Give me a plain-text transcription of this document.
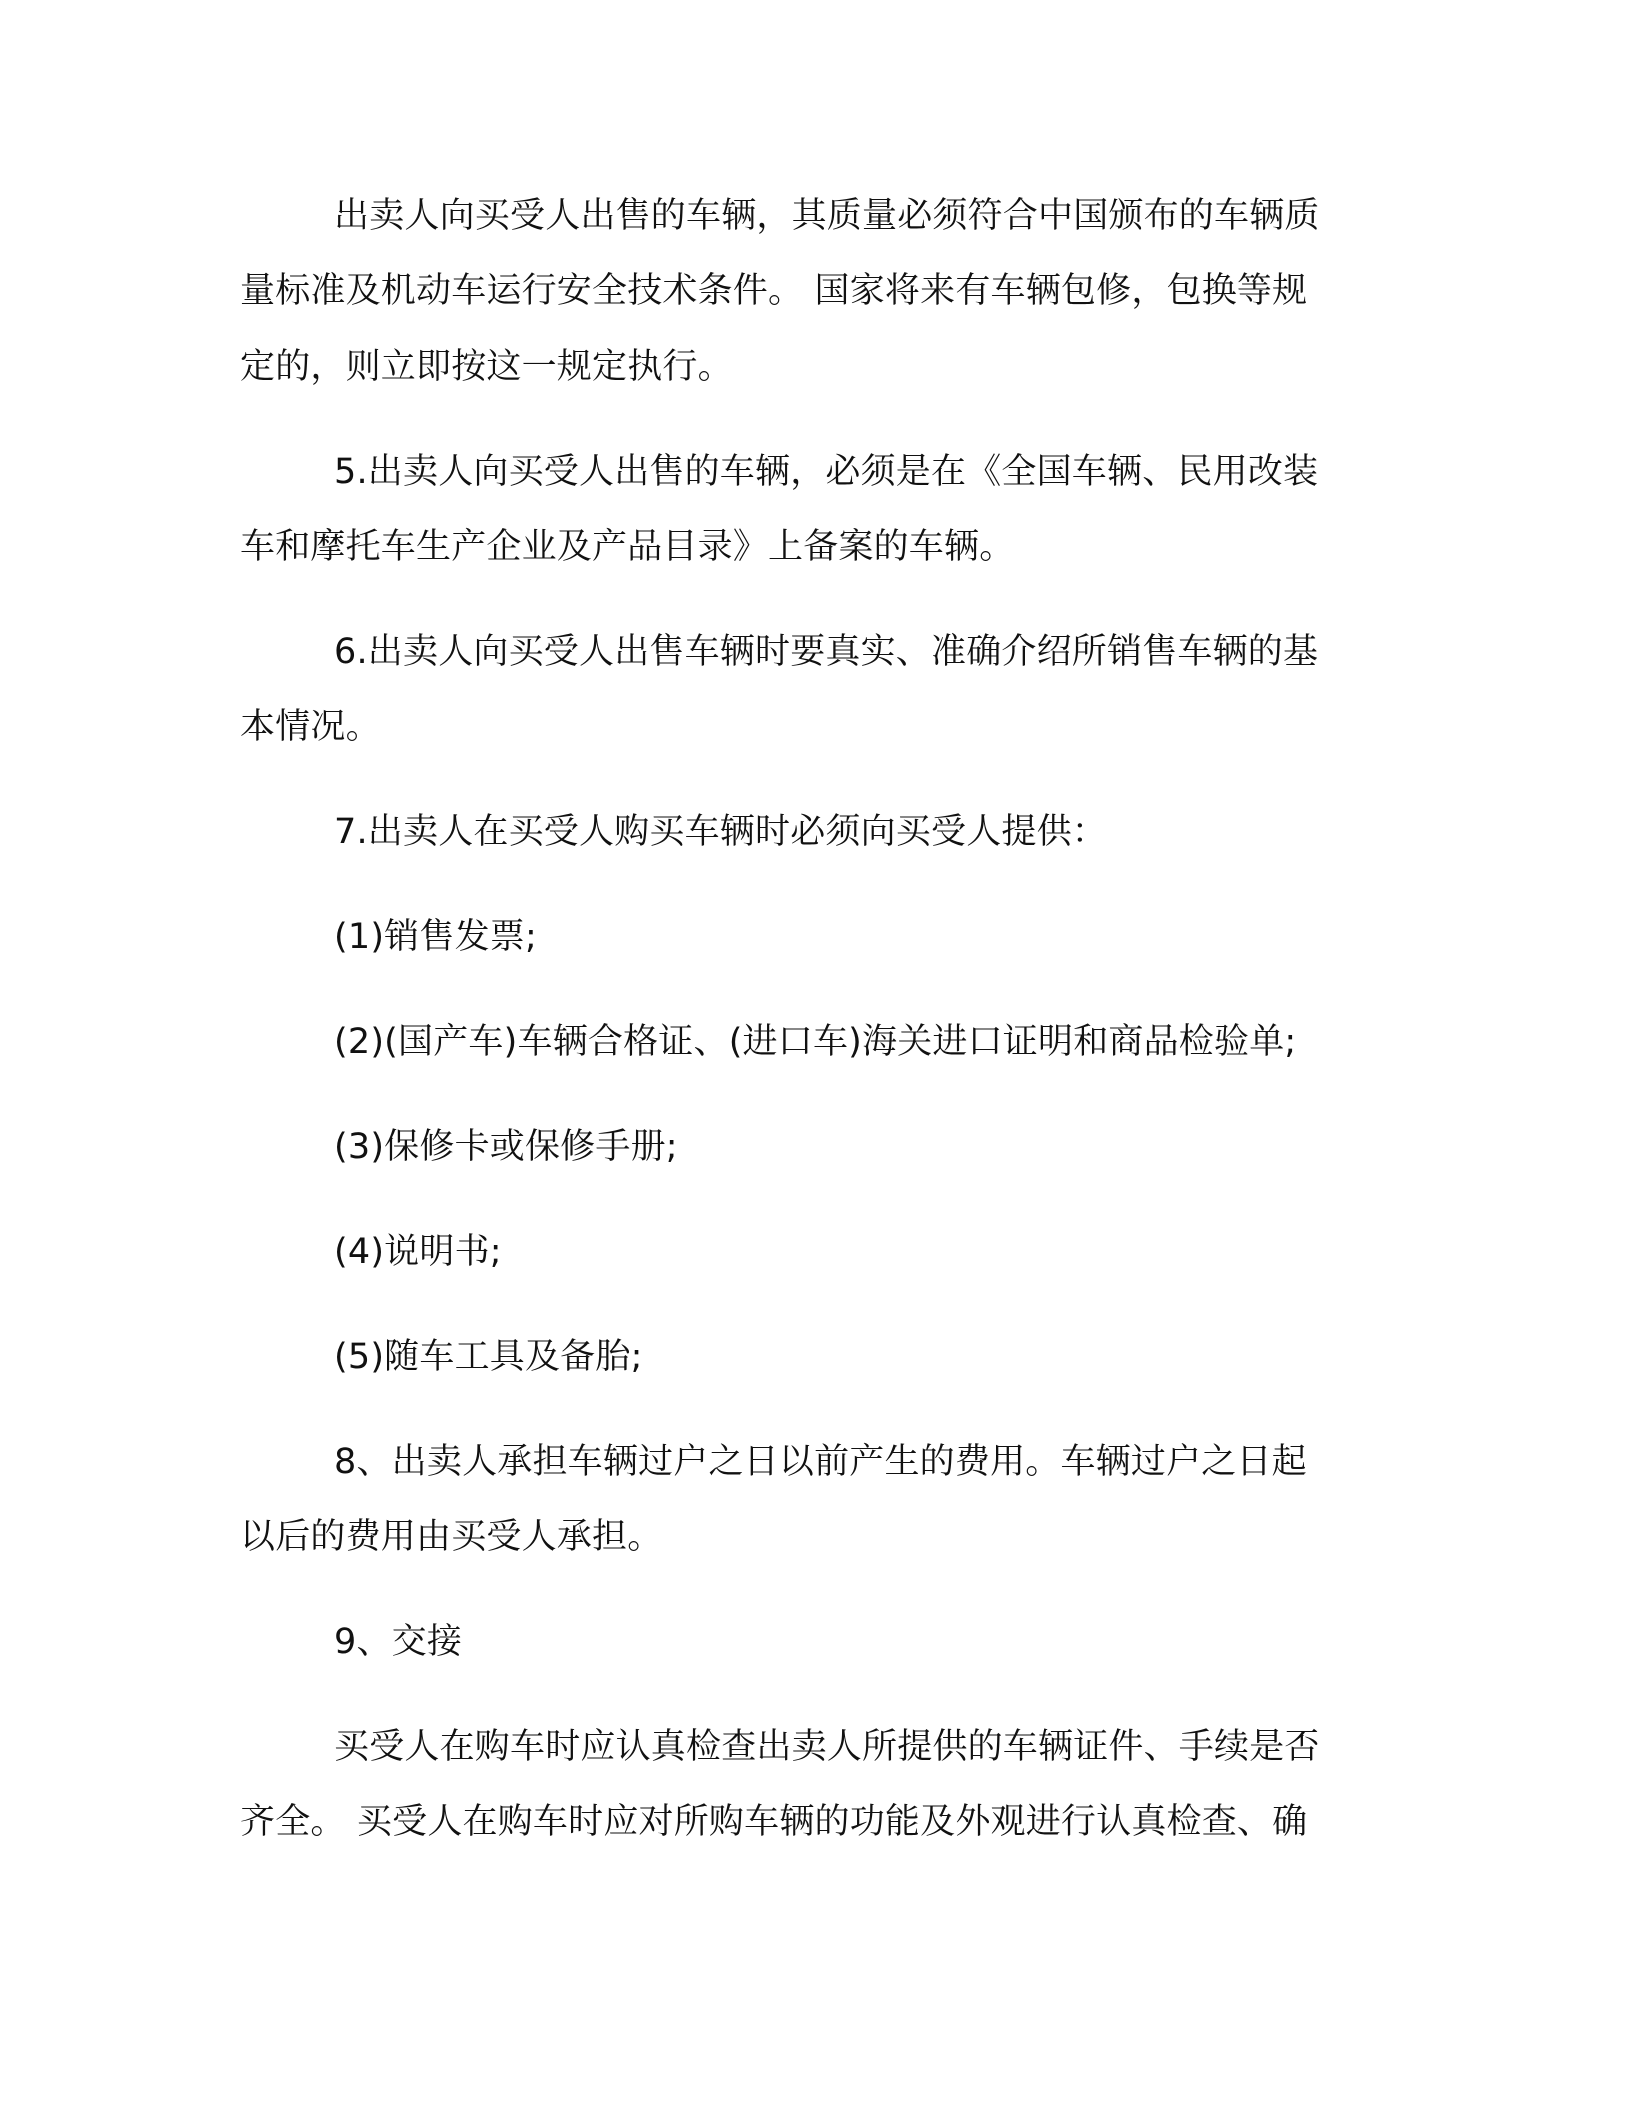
出卖人向买受人出售的车辆，其质量必须符合中国颁布的车辆质
量标准及机动车运行安全技术条件。 国家将来有车辆包修，包换等规
定的，则立即按这一规定执行。
5.出卖人向买受人出售的车辆，必须是在《全国车辆、民用改装
车和摩托车生产企业及产品目录》上备案的车辆。
6.出卖人向买受人出售车辆时要真实、准确介绍所销售车辆的基
本情况。
7.出卖人在买受人购买车辆时必须向买受人提供：
(1)销售发票;
(2)(国产车)车辆合格证、(进口车)海关进口证明和商品检验单;
(3)保修卡或保修手册;
(4)说明书;
(5)随车工具及备胎;
8、出卖人承担车辆过户之日以前产生的费用。车辆过户之日起
以后的费用由买受人承担。
9、交接
买受人在购车时应认真检查出卖人所提供的车辆证件、手续是否
齐全。 买受人在购车时应对所购车辆的功能及外观进行认真检查、确
